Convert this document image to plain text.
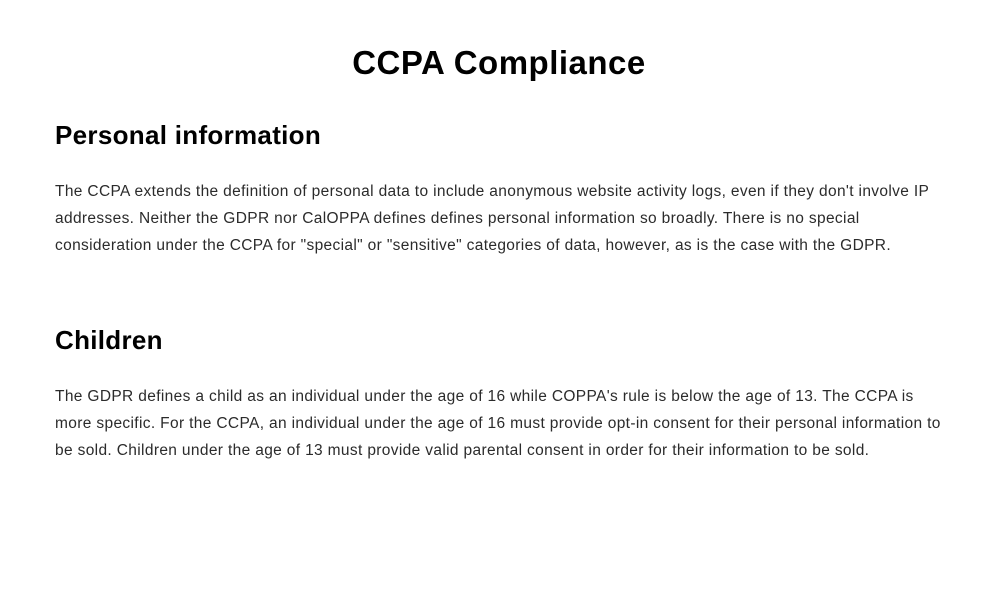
CCPA Compliance
Personal information

The CCPA extends the definition of personal data to include anonymous website activity logs, even if they don't involve IP addresses. Neither the GDPR nor CalOPPA defines defines personal information so broadly. There is no special consideration under the CCPA for "special" or "sensitive" categories of data, however, as is the case with the GDPR.

Children

The GDPR defines a child as an individual under the age of 16 while COPPA's rule is below the age of 13. The CCPA is more specific. For the CCPA, an individual under the age of 16 must provide opt-in consent for their personal information to be sold. Children under the age of 13 must provide valid parental consent in order for their information to be sold.
